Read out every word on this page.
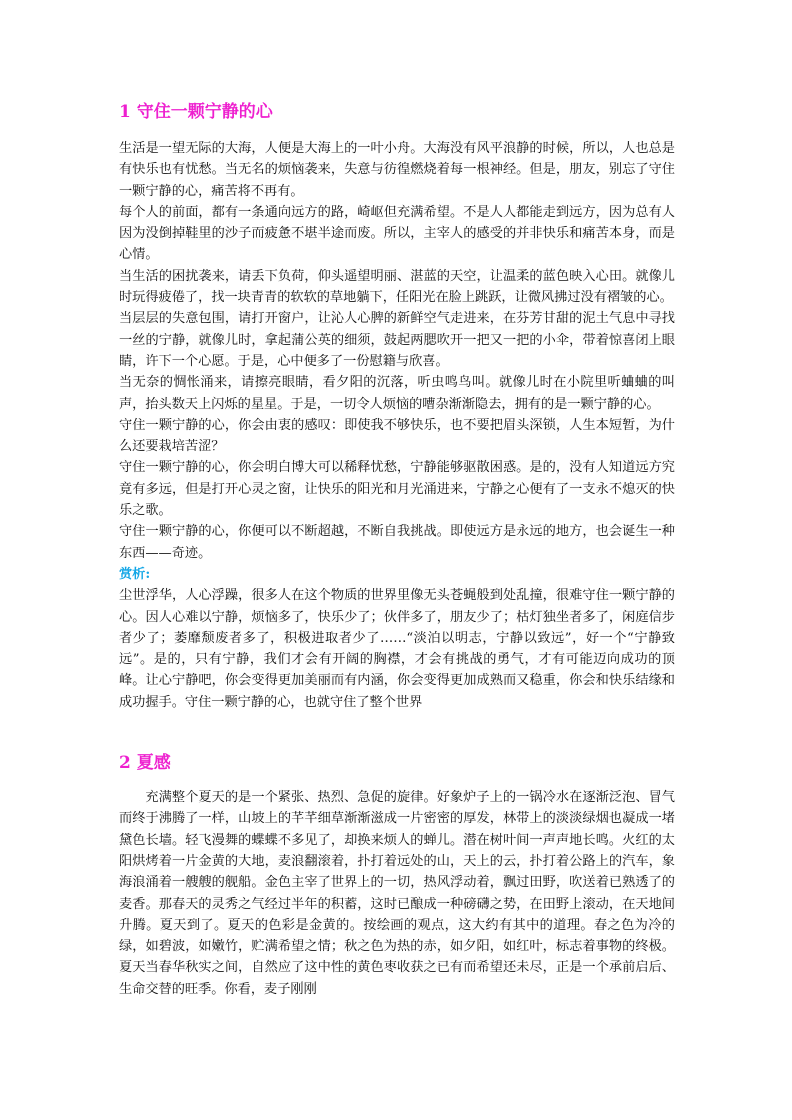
1 守住一颗宁静的心

生活是一望无际的大海，人便是大海上的一叶小舟。大海没有风平浪静的时候，所以，人也总是有快乐也有忧愁。当无名的烦恼袭来，失意与彷徨燃烧着每一根神经。但是，朋友，别忘了守住一颗宁静的心，痛苦将不再有。

每个人的前面，都有一条通向远方的路，崎岖但充满希望。不是人人都能走到远方，因为总有人因为没倒掉鞋里的沙子而疲惫不堪半途而废。所以，主宰人的感受的并非快乐和痛苦本身，而是心情。

当生活的困扰袭来，请丢下负荷，仰头遥望明丽、湛蓝的天空，让温柔的蓝色映入心田。就像儿时玩得疲倦了，找一块青青的软软的草地躺下，任阳光在脸上跳跃，让微风拂过没有褶皱的心。

当层层的失意包围，请打开窗户，让沁人心脾的新鲜空气走进来，在芬芳甘甜的泥土气息中寻找一丝的宁静，就像儿时，拿起蒲公英的细须，鼓起两腮吹开一把又一把的小伞，带着惊喜闭上眼睛，许下一个心愿。于是，心中便多了一份慰籍与欣喜。

当无奈的惆怅涌来，请擦亮眼睛，看夕阳的沉落，听虫鸣鸟叫。就像儿时在小院里听蛐蛐的叫声，抬头数天上闪烁的星星。于是，一切令人烦恼的嘈杂渐渐隐去，拥有的是一颗宁静的心。

守住一颗宁静的心，你会由衷的感叹：即使我不够快乐，也不要把眉头深锁，人生本短暂，为什么还要栽培苦涩？

守住一颗宁静的心，你会明白博大可以稀释忧愁，宁静能够驱散困惑。是的，没有人知道远方究竟有多远，但是打开心灵之窗，让快乐的阳光和月光涌进来，宁静之心便有了一支永不熄灭的快乐之歌。

守住一颗宁静的心，你便可以不断超越，不断自我挑战。即使远方是永远的地方，也会诞生一种东西——奇迹。

赏析:

尘世浮华，人心浮躁，很多人在这个物质的世界里像无头苍蝇般到处乱撞，很难守住一颗宁静的心。因人心难以宁静，烦恼多了，快乐少了；伙伴多了，朋友少了；枯灯独坐者多了，闲庭信步者少了；萎靡颓废者多了，积极进取者少了……“淡泊以明志，宁静以致远”，好一个“宁静致远”。是的，只有宁静，我们才会有开阔的胸襟，才会有挑战的勇气，才有可能迈向成功的顶峰。让心宁静吧，你会变得更加美丽而有内涵，你会变得更加成熟而又稳重，你会和快乐结缘和成功握手。守住一颗宁静的心，也就守住了整个世界

2 夏感

充满整个夏天的是一个紧张、热烈、急促的旋律。好象炉子上的一锅冷水在逐渐泛泡、冒气而终于沸腾了一样，山坡上的芊芊细草渐渐滋成一片密密的厚发，林带上的淡淡绿烟也凝成一堵黛色长墙。轻飞漫舞的蝶蝶不多见了，却换来烦人的蝉儿。潜在树叶间一声声地长鸣。火红的太阳烘烤着一片金黄的大地，麦浪翻滚着，扑打着远处的山，天上的云，扑打着公路上的汽车，象海浪涌着一艘艘的舰船。金色主宰了世界上的一切，热风浮动着，飘过田野，吹送着已熟透了的麦香。那春天的灵秀之气经过半年的积蓄，这时已酿成一种磅礴之势，在田野上滚动，在天地间升腾。夏天到了。夏天的色彩是金黄的。按绘画的观点，这大约有其中的道理。春之色为冷的绿，如碧波，如嫩竹，贮满希望之情；秋之色为热的赤，如夕阳，如红叶，标志着事物的终极。夏天当春华秋实之间，自然应了这中性的黄色枣收获之已有而希望还未尽，正是一个承前启后、生命交替的旺季。你看，麦子刚刚
